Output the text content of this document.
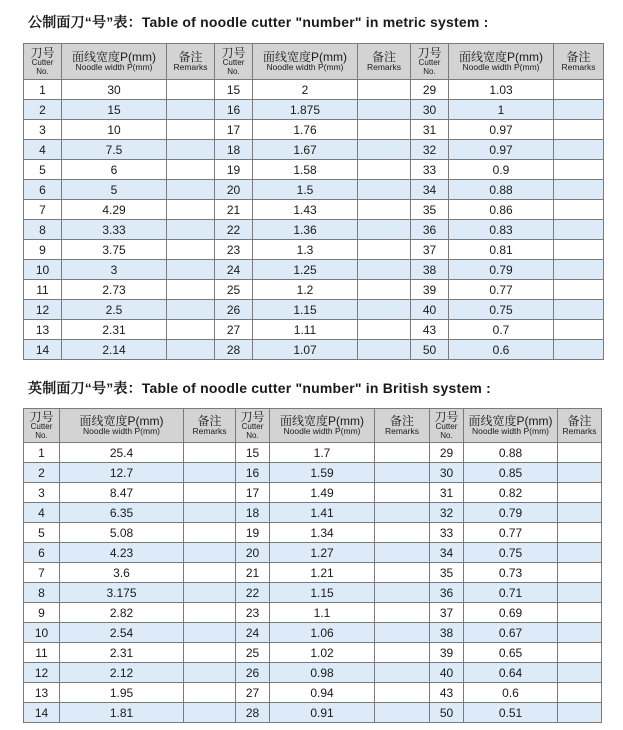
公制面刀“号”表：Table of noodle cutter "number" in metric system :
刀号
Cutter
No.	面线宽度P(mm)
Noodle width P(mm)	备注
Remarks	刀号
Cutter
No.	面线宽度P(mm)
Noodle width P(mm)	备注
Remarks	刀号
Cutter
No.	面线宽度P(mm)
Noodle width P(mm)	备注
Remarks

1	30		15	2		29	1.03	
2	15		16	1.875		30	1	
3	10		17	1.76		31	0.97	
4	7.5		18	1.67		32	0.97	
5	6		19	1.58		33	0.9	
6	5		20	1.5		34	0.88	
7	4.29		21	1.43		35	0.86	
8	3.33		22	1.36		36	0.83	
9	3.75		23	1.3		37	0.81	
10	3		24	1.25		38	0.79	
11	2.73		25	1.2		39	0.77	
12	2.5		26	1.15		40	0.75	
13	2.31		27	1.11		43	0.7	
14	2.14		28	1.07		50	0.6	
英制面刀“号”表：Table of noodle cutter "number" in British system :
刀号
Cutter
No.	面线宽度P(mm)
Noodle width P(mm)	备注
Remarks	刀号
Cutter
No.	面线宽度P(mm)
Noodle width P(mm)	备注
Remarks	刀号
Cutter
No.	面线宽度P(mm)
Noodle width P(mm)	备注
Remarks

1	25.4		15	1.7		29	0.88	
2	12.7		16	1.59		30	0.85	
3	8.47		17	1.49		31	0.82	
4	6.35		18	1.41		32	0.79	
5	5.08		19	1.34		33	0.77	
6	4.23		20	1.27		34	0.75	
7	3.6		21	1.21		35	0.73	
8	3.175		22	1.15		36	0.71	
9	2.82		23	1.1		37	0.69	
10	2.54		24	1.06		38	0.67	
11	2.31		25	1.02		39	0.65	
12	2.12		26	0.98		40	0.64	
13	1.95		27	0.94		43	0.6	
14	1.81		28	0.91		50	0.51	
